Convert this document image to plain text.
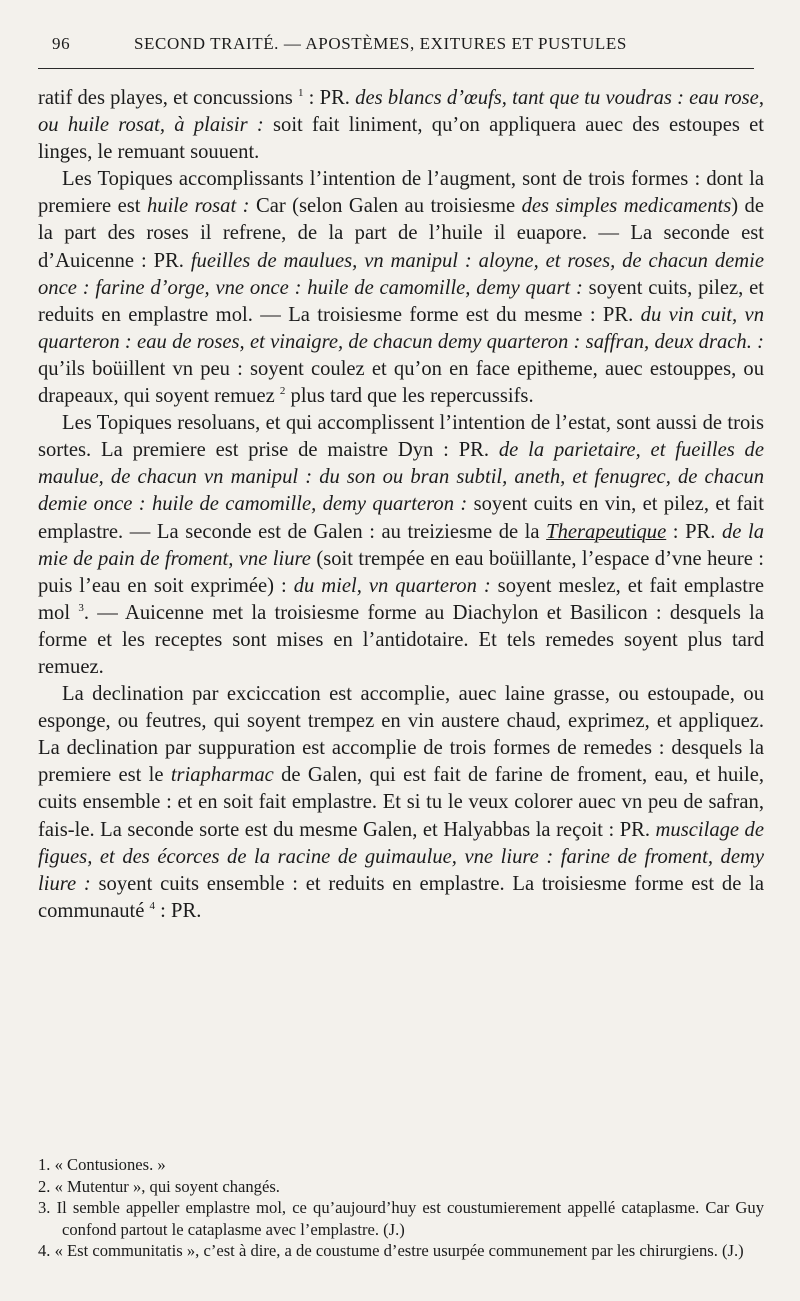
96	SECOND TRAITÉ. — APOSTÈMES, EXITURES ET PUSTULES

ratif des playes, et concussions $^1$ : PR. des blancs d’œufs, tant que tu voudras : eau rose, ou huile rosat, à plaisir : soit fait liniment, qu’on appliquera auec des estoupes et linges, le remuant souuent.

Les Topiques accomplissants l’intention de l’augment, sont de trois formes : dont la premiere est huile rosat : Car (selon Galen au troisiesme des simples medicaments) de la part des roses il refrene, de la part de l’huile il euapore. — La seconde est d’Auicenne : PR. fueilles de maulues, vn manipul : aloyne, et roses, de chacun demie once : farine d’orge, vne once : huile de camomille, demy quart : soyent cuits, pilez, et reduits en emplastre mol. — La troisiesme forme est du mesme : PR. du vin cuit, vn quarteron : eau de roses, et vinaigre, de chacun demy quarteron : saffran, deux drach. : qu’ils boüillent vn peu : soyent coulez et qu’on en face epitheme, auec estouppes, ou drapeaux, qui soyent remuez $^2$ plus tard que les repercussifs.

Les Topiques resoluans, et qui accomplissent l’intention de l’estat, sont aussi de trois sortes. La premiere est prise de maistre Dyn : PR. de la parietaire, et fueilles de maulue, de chacun vn manipul : du son ou bran subtil, aneth, et fenugrec, de chacun demie once : huile de camomille, demy quarteron : soyent cuits en vin, et pilez, et fait emplastre. — La seconde est de Galen : au treiziesme de la Therapeutique : PR. de la mie de pain de froment, vne liure (soit trempée en eau boüillante, l’espace d’vne heure : puis l’eau en soit exprimée) : du miel, vn quarteron : soyent meslez, et fait emplastre mol $^3$. — Auicenne met la troisiesme forme au Diachylon et Basilicon : desquels la forme et les receptes sont mises en l’antidotaire. Et tels remedes soyent plus tard remuez.

La declination par exciccation est accomplie, auec laine grasse, ou estoupade, ou esponge, ou feutres, qui soyent trempez en vin austere chaud, exprimez, et appliquez. La declination par suppuration est accomplie de trois formes de remedes : desquels la premiere est le triapharmac de Galen, qui est fait de farine de froment, eau, et huile, cuits ensemble : et en soit fait emplastre. Et si tu le veux colorer auec vn peu de safran, fais-le. La seconde sorte est du mesme Galen, et Halyabbas la reçoit : PR. muscilage de figues, et des écorces de la racine de guimaulue, vne liure : farine de froment, demy liure : soyent cuits ensemble : et reduits en emplastre. La troisiesme forme est de la communauté $^4$ : PR.

1. « Contusiones. »

2. « Mutentur », qui soyent changés.

3. Il semble appeller emplastre mol, ce qu’aujourd’huy est coustumierement appellé cataplasme. Car Guy confond partout le cataplasme avec l’emplastre. (J.)

4. « Est communitatis », c’est à dire, a de coustume d’estre usurpée communement par les chirurgiens. (J.)
